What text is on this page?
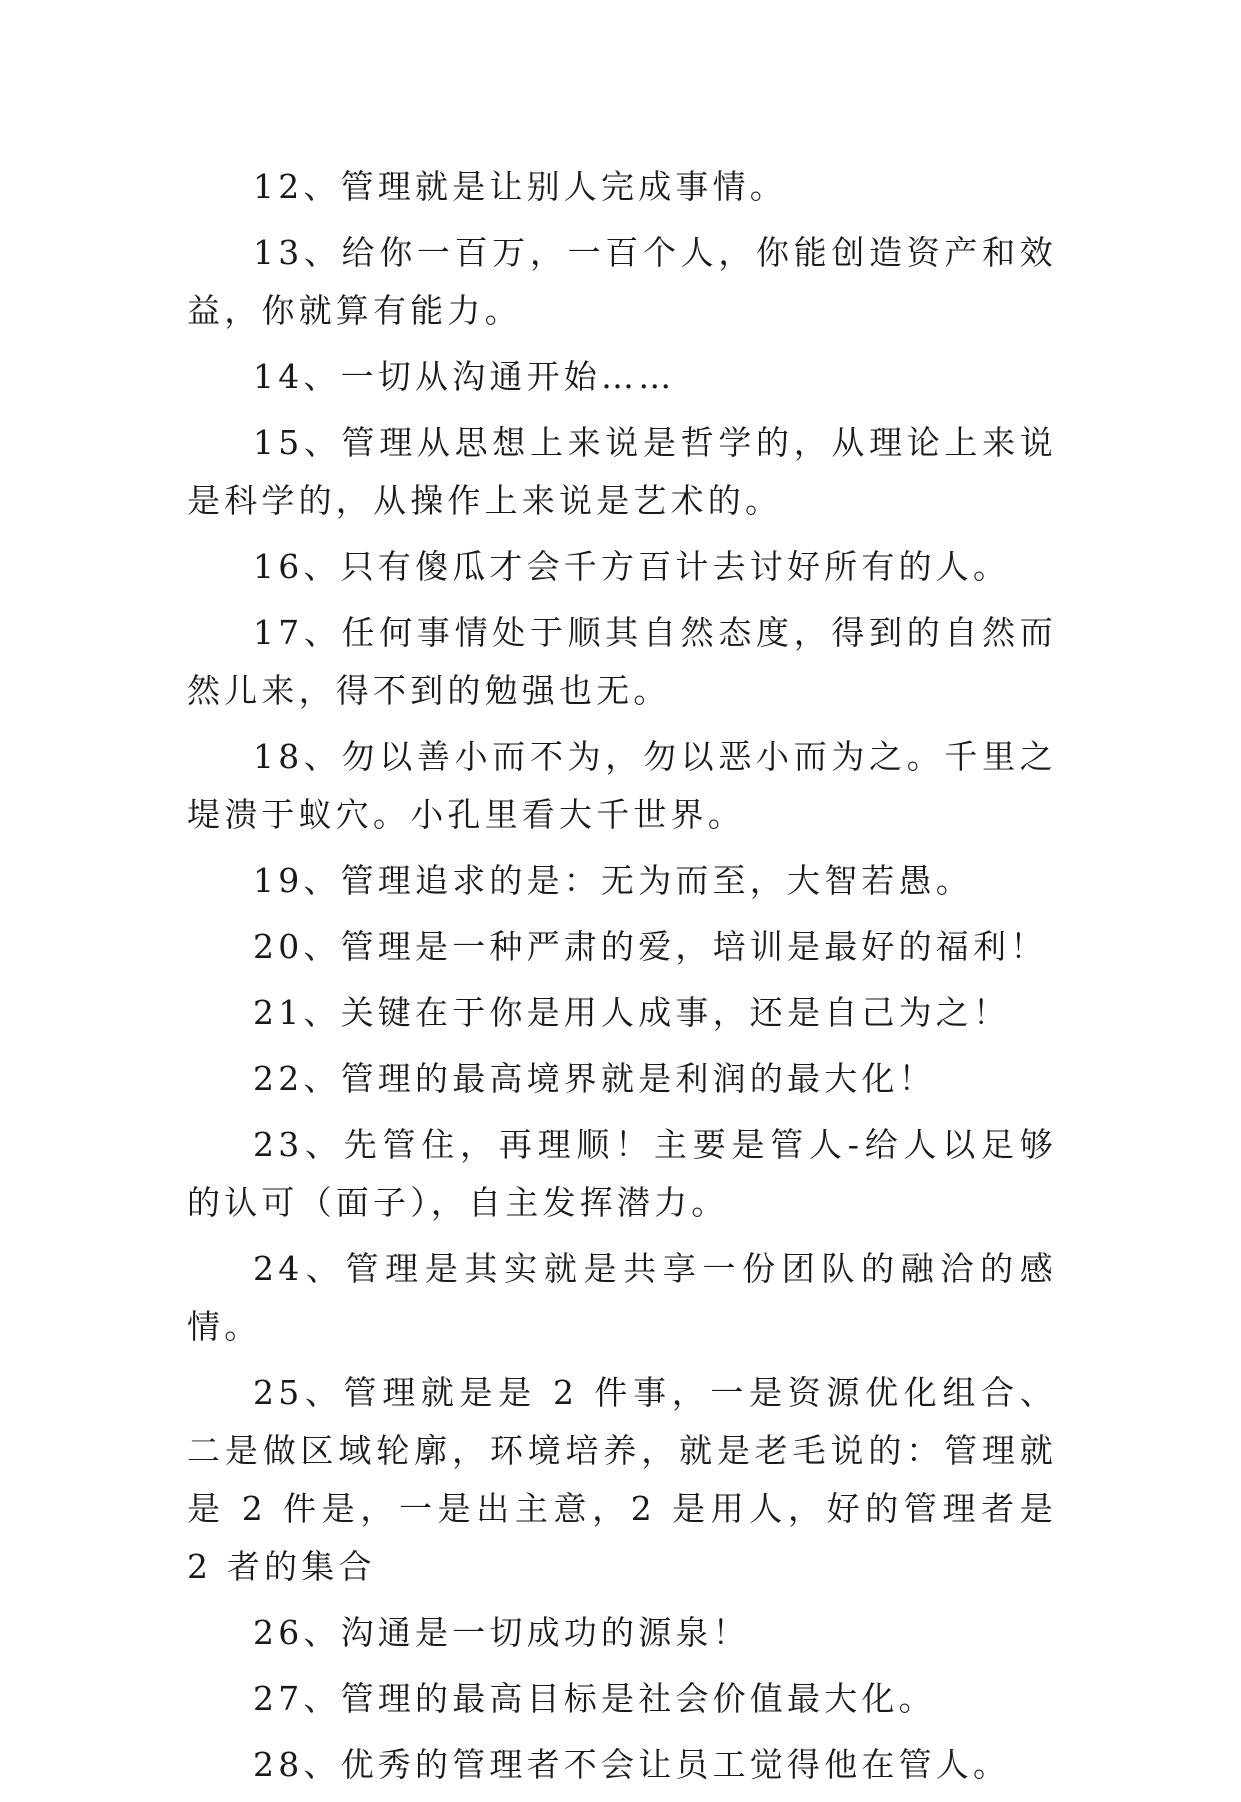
12、管理就是让别人完成事情。

13、给你一百万，一百个人，你能创造资产和效益，你就算有能力。

14、一切从沟通开始……

15、管理从思想上来说是哲学的，从理论上来说是科学的，从操作上来说是艺术的。

16、只有傻瓜才会千方百计去讨好所有的人。

17、任何事情处于顺其自然态度，得到的自然而然儿来，得不到的勉强也无。

18、勿以善小而不为，勿以恶小而为之。千里之堤溃于蚁穴。小孔里看大千世界。

19、管理追求的是：无为而至，大智若愚。

20、管理是一种严肃的爱，培训是最好的福利！

21、关键在于你是用人成事，还是自己为之！

22、管理的最高境界就是利润的最大化！

23、先管住，再理顺！主要是管人-给人以足够的认可（面子），自主发挥潜力。

24、管理是其实就是共享一份团队的融洽的感情。

25、管理就是是 2 件事，一是资源优化组合、二是做区域轮廓，环境培养，就是老毛说的：管理就是 2 件是，一是出主意，2 是用人，好的管理者是 2 者的集合

26、沟通是一切成功的源泉！

27、管理的最高目标是社会价值最大化。

28、优秀的管理者不会让员工觉得他在管人。
